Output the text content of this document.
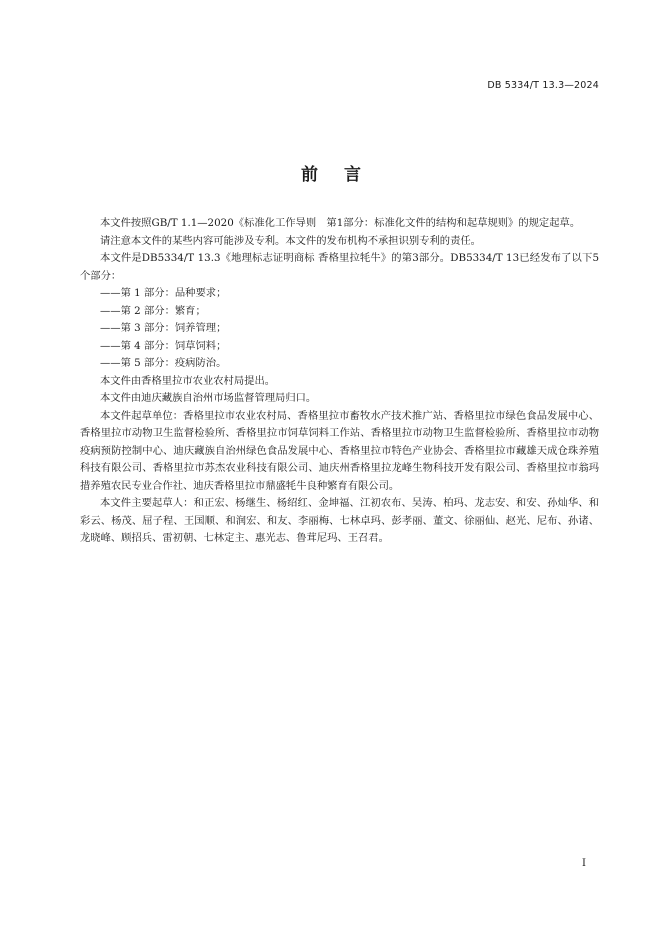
DB 5334/T 13.3—2024
前言

本文件按照GB/T 1.1—2020《标准化工作导则　第1部分：标准化文件的结构和起草规则》的规定起草。

请注意本文件的某些内容可能涉及专利。本文件的发布机构不承担识别专利的责任。

本文件是DB5334/T 13.3《地理标志证明商标 香格里拉牦牛》的第3部分。DB5334/T 13已经发布了以下5个部分：

——第 1 部分：品种要求；

——第 2 部分：繁育；

——第 3 部分：饲养管理；

——第 4 部分：饲草饲料；

——第 5 部分：疫病防治。

本文件由香格里拉市农业农村局提出。

本文件由迪庆藏族自治州市场监督管理局归口。

本文件起草单位：香格里拉市农业农村局、香格里拉市畜牧水产技术推广站、香格里拉市绿色食品发展中心、香格里拉市动物卫生监督检验所、香格里拉市饲草饲料工作站、香格里拉市动物卫生监督检验所、香格里拉市动物疫病预防控制中心、迪庆藏族自治州绿色食品发展中心、香格里拉市特色产业协会、香格里拉市藏雄天成仓珠养殖科技有限公司、香格里拉市苏杰农业科技有限公司、迪庆州香格里拉龙峰生物科技开发有限公司、香格里拉市翁玛措养殖农民专业合作社、迪庆香格里拉市鼎盛牦牛良种繁育有限公司。

本文件主要起草人：和正宏、杨继生、杨绍红、金坤福、江初农布、吴涛、柏玛、龙志安、和安、孙灿华、和彩云、杨茂、屈子程、王国顺、和润宏、和友、李丽梅、七林卓玛、彭孝丽、董文、徐丽仙、赵光、尼布、孙诸、龙晓峰、顾招兵、雷初朝、七林定主、惠光志、鲁茸尼玛、王召君。

I
